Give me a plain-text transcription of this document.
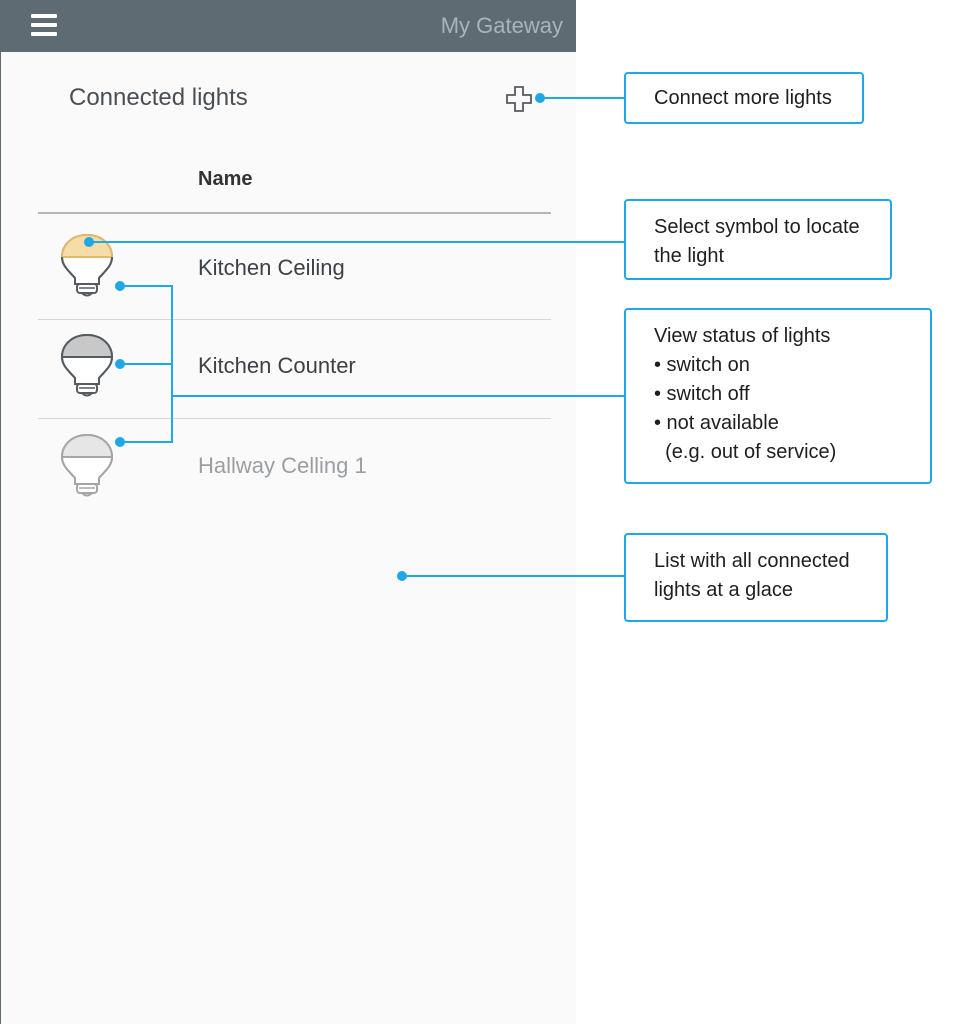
My Gateway
Connected lights
Name
Kitchen Ceiling
Kitchen Counter
Hallway Celling 1
Connect more lights
Select symbol to locate
the light
View status of lights
• switch on
• switch off
• not available
(e.g. out of service)
List with all connected
lights at a glace
